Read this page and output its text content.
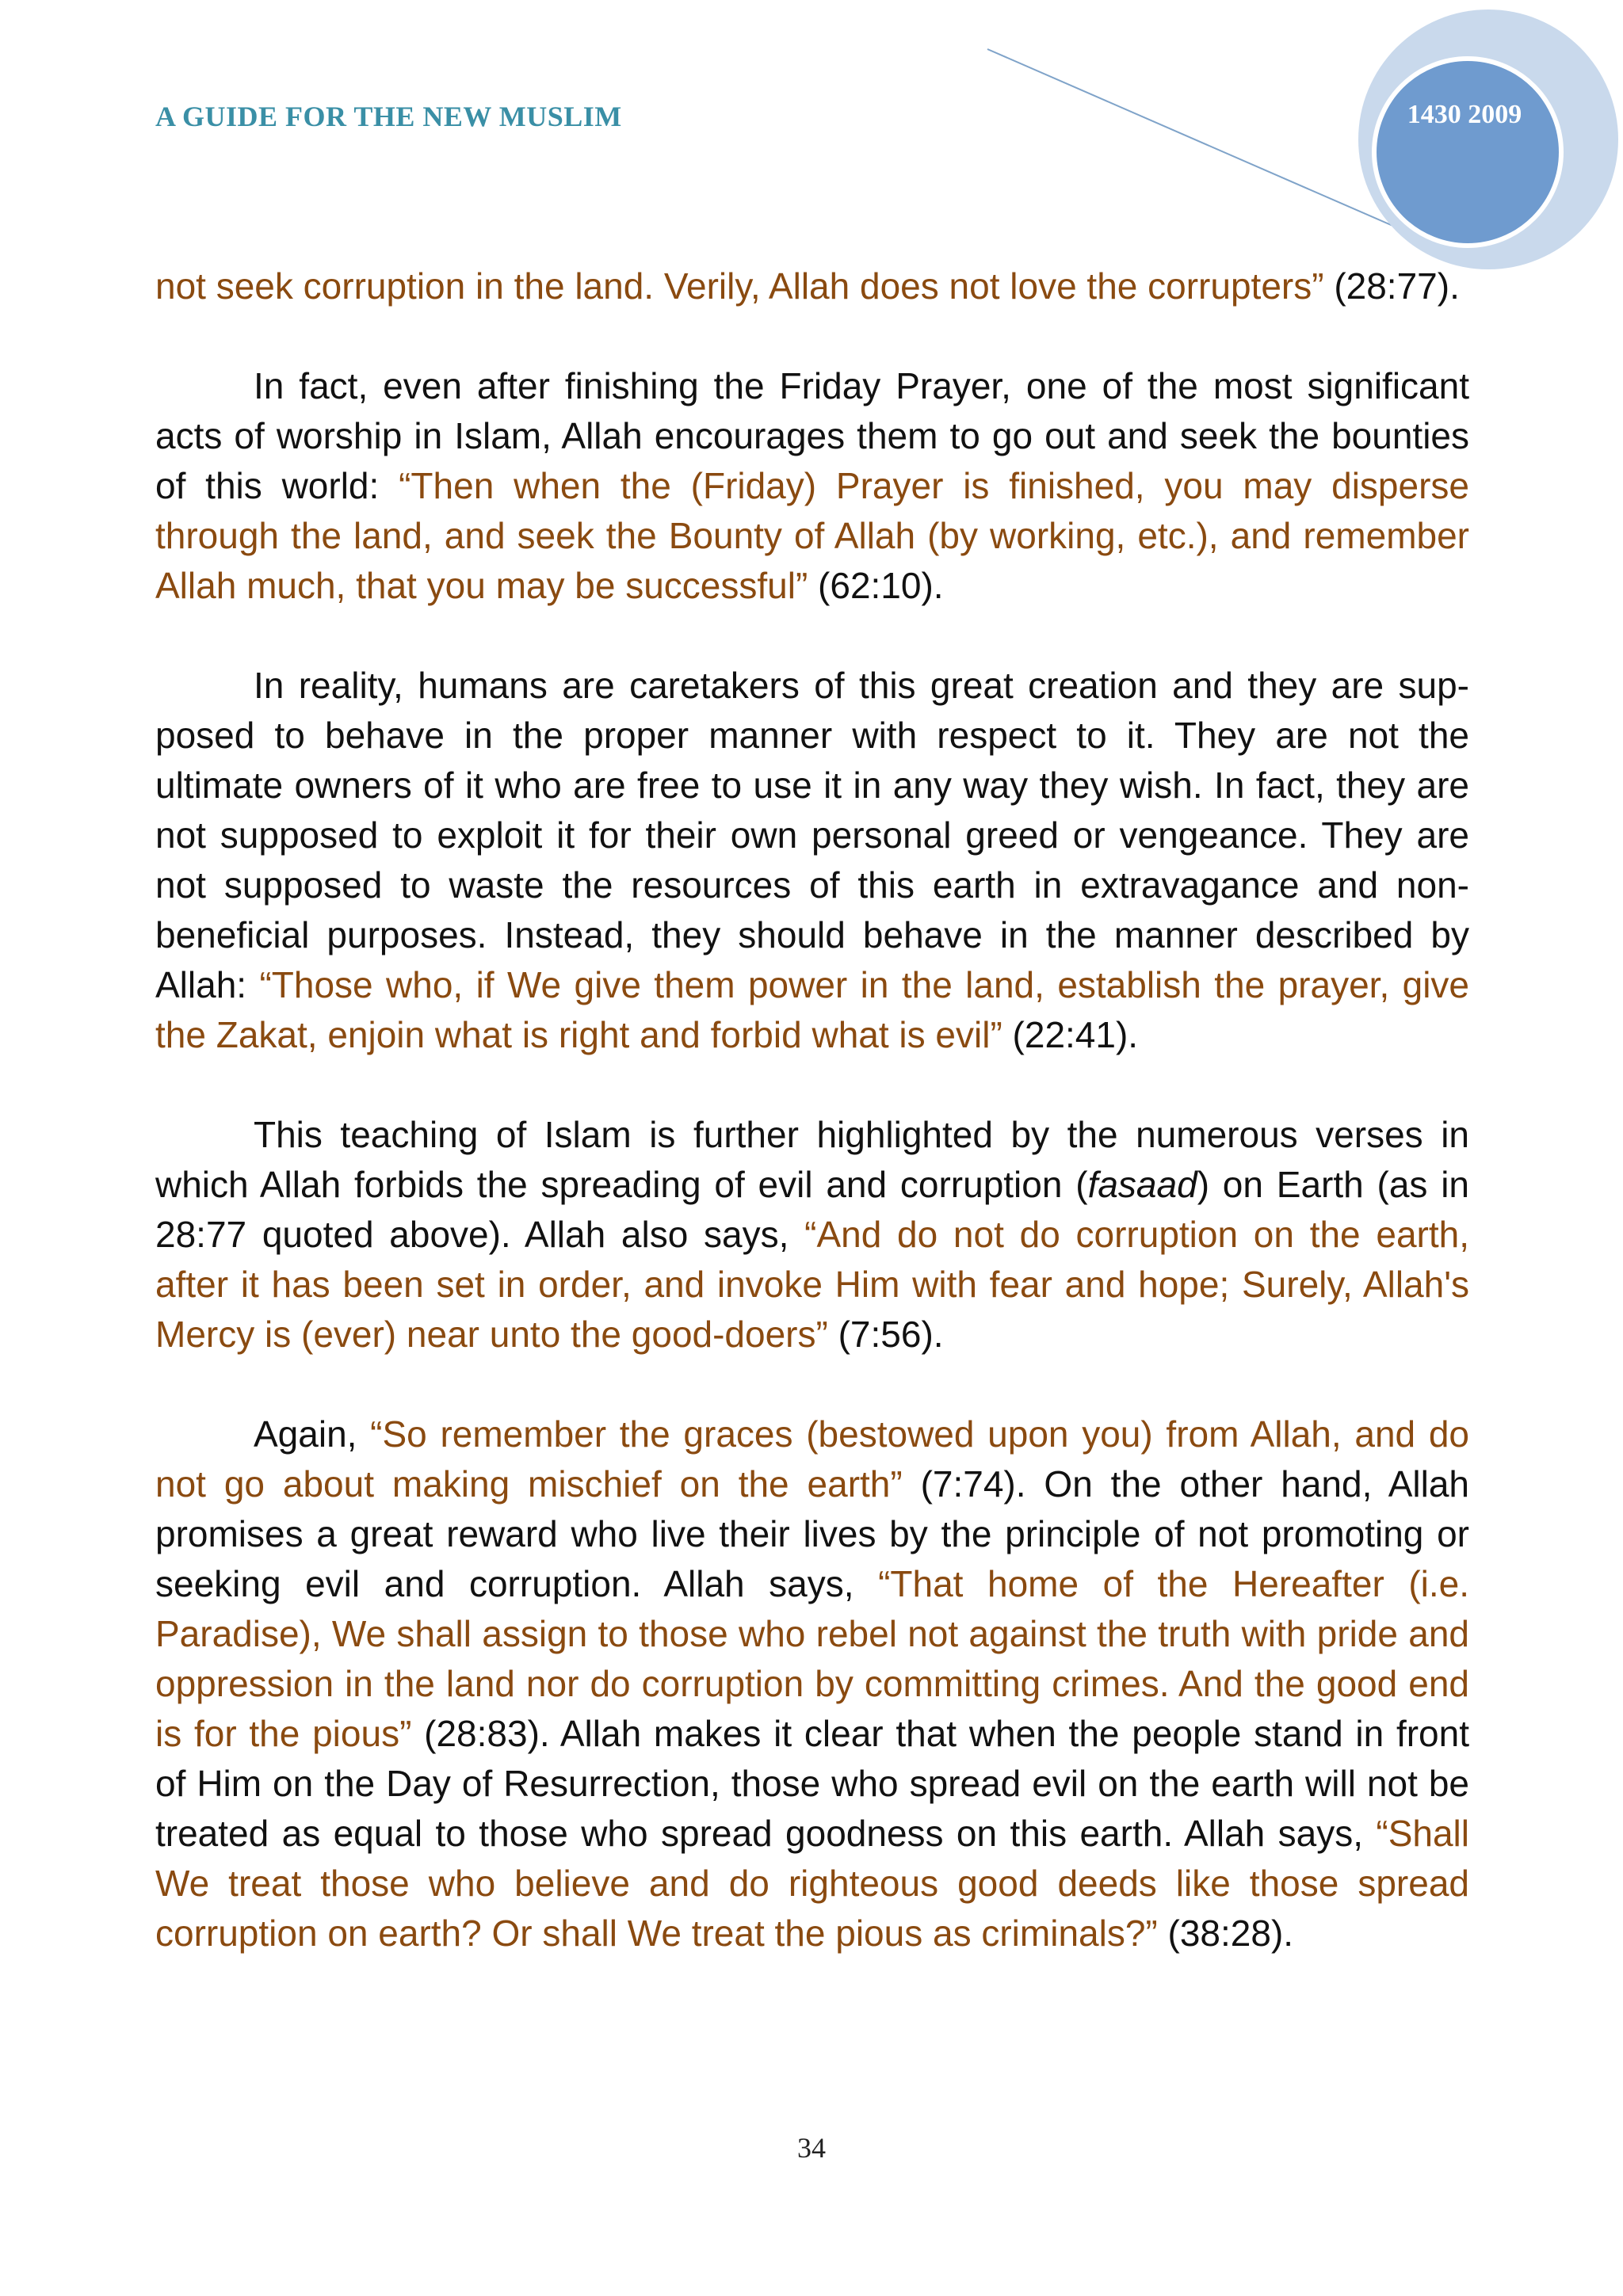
A GUIDE FOR THE NEW MUSLIM	1430 2009

not seek corruption in the land. Verily, Allah does not love the corrupters” (28:77).

In fact, even after finishing the Friday Prayer, one of the most significant acts of worship in Islam, Allah encourages them to go out and seek the bounties of this world: “Then when the (Friday) Prayer is finished, you may disperse through the land, and seek the Bounty of Allah (by working, etc.), and remember Allah much, that you may be successful” (62:10).

In reality, humans are caretakers of this great creation and they are supposed to behave in the proper manner with respect to it. They are not the ultimate owners of it who are free to use it in any way they wish. In fact, they are not supposed to exploit it for their own personal greed or vengeance. They are not supposed to waste the resources of this earth in extravagance and non-beneficial purposes. Instead, they should behave in the manner described by Allah: “Those who, if We give them power in the land, establish the prayer, give the Zakat, enjoin what is right and forbid what is evil” (22:41).

This teaching of Islam is further highlighted by the numerous verses in which Allah forbids the spreading of evil and corruption (fasaad) on Earth (as in 28:77 quoted above). Allah also says, “And do not do corruption on the earth, after it has been set in order, and invoke Him with fear and hope; Surely, Allah's Mercy is (ever) near unto the good-doers” (7:56).

Again, “So remember the graces (bestowed upon you) from Allah, and do not go about making mischief on the earth” (7:74). On the other hand, Allah promises a great reward who live their lives by the principle of not promoting or seeking evil and corruption. Allah says, “That home of the Hereafter (i.e. Paradise), We shall assign to those who rebel not against the truth with pride and oppression in the land nor do corruption by committing crimes. And the good end is for the pious” (28:83). Allah makes it clear that when the people stand in front of Him on the Day of Resurrection, those who spread evil on the earth will not be treated as equal to those who spread goodness on this earth. Allah says, “Shall We treat those who believe and do righteous good deeds like those spread corruption on earth? Or shall We treat the pious as criminals?” (38:28).

34
